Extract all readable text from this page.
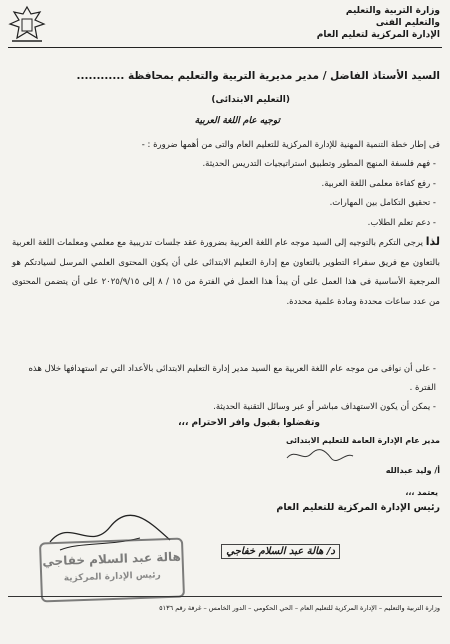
وزارة التربية والتعليم
والتعليم الفنى
الإدارة المركزية لتعليم العام
السيد الأستاذ الفاضل / مدير مديرية التربية والتعليم بمحافظة ............
(التعليم الابتدائى)
توجيه عام اللغة العربية
فى إطار خطة التنمية المهنية للإدارة المركزية للتعليم العام والتى من أهمها ضرورة : -
- فهم فلسفة المنهج المطور وتطبيق استراتيجيات التدريس الحديثة.
- رفع كفاءة معلمى اللغة العربية.
- تحقيق التكامل بين المهارات.
- دعم تعلم الطلاب.
لذا يرجى التكرم بالتوجيه إلى السيد موجه عام اللغة العربية بضرورة عقد جلسات تدريبية مع معلمي ومعلمات اللغة العربية بالتعاون مع فريق سفراء التطوير بالتعاون مع إدارة التعليم الابتدائى على أن يكون المحتوى العلمي المرسل لسيادتكم هو المرجعية الأساسية فى هذا العمل على أن يبدأ هذا العمل في الفترة من ١٥ / ٨ إلى ٢٠٢٥/٩/١٥ على أن يتضمن المحتوى من عدد ساعات محددة ومادة علمية محددة.
- على أن نوافى من موجه عام اللغة العربية مع السيد مدير إدارة التعليم الابتدائى بالأعداد التي تم استهدافها خلال هذه الفترة .
- يمكن أن يكون الاستهداف مباشر أو عبر وسائل التقنية الحديثة.
وتفضلوا بقبول وافر الاحترام ،،،
مدير عام الإدارة العامة للتعليم الابتدائى
أ/ وليد عبدالله
يعتمد ،،،
رئيس الإدارة المركزية للتعليم العام
د/ هالة عبد السلام خفاجي
هالة عبد السلام خفاجي
رئيس الإدارة المركزية
وزارة التربية والتعليم – الإدارة المركزية للتعليم العام – الحي الحكومي – الدور الخامس – غرفة رقم ٥١٣٦
